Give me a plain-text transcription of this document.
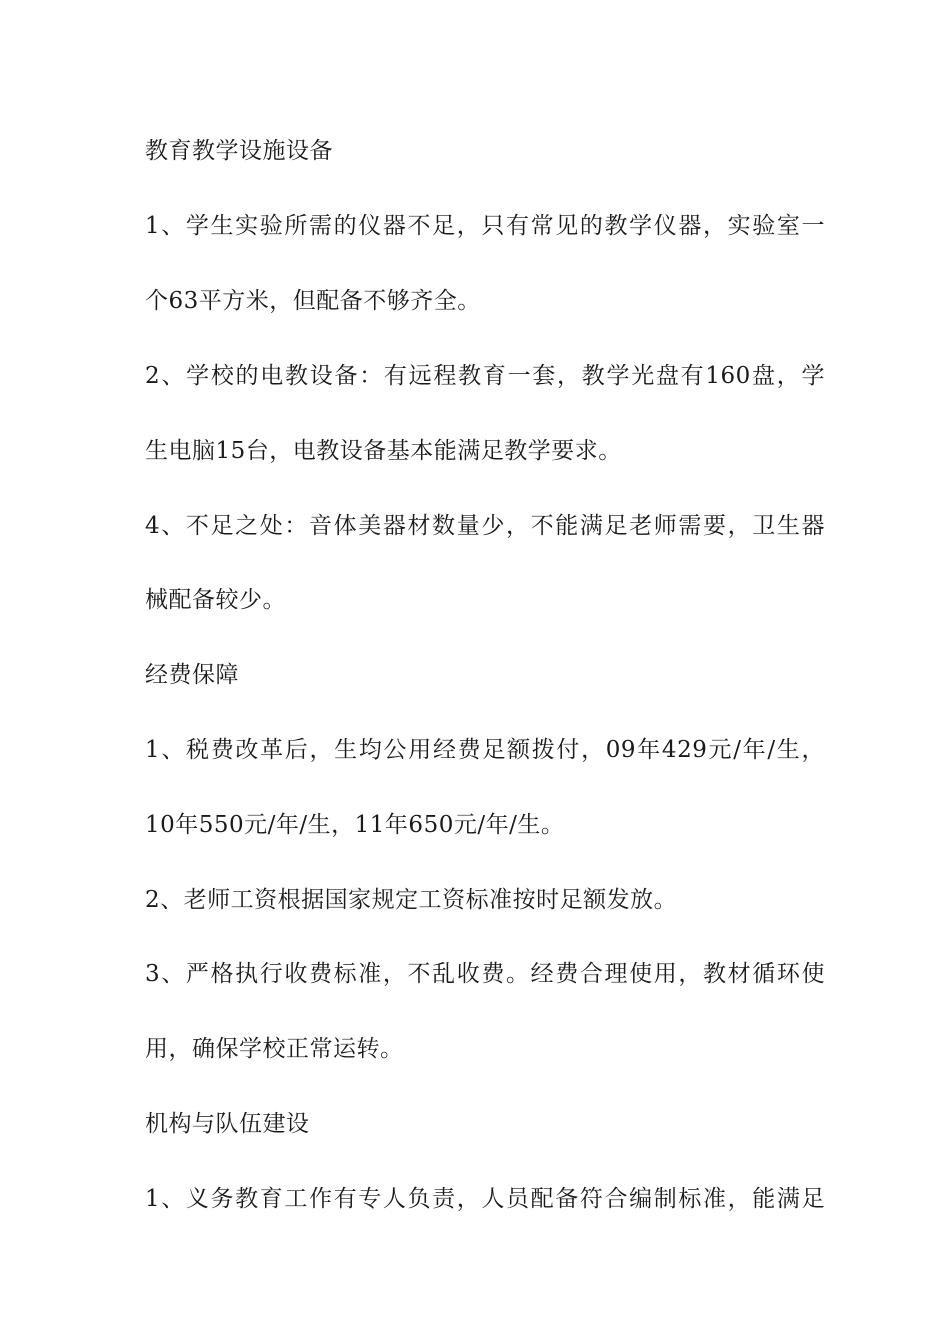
教育教学设施设备
1、学生实验所需的仪器不足，只有常见的教学仪器，实验室一
个63平方米，但配备不够齐全。
2、学校的电教设备：有远程教育一套，教学光盘有160盘，学
生电脑15台，电教设备基本能满足教学要求。
4、不足之处：音体美器材数量少，不能满足老师需要，卫生器
械配备较少。
经费保障
1、税费改革后，生均公用经费足额拨付，09年429元/年/生，
10年550元/年/生，11年650元/年/生。
2、老师工资根据国家规定工资标准按时足额发放。
3、严格执行收费标准，不乱收费。经费合理使用，教材循环使
用，确保学校正常运转。
机构与队伍建设
1、义务教育工作有专人负责，人员配备符合编制标准，能满足
